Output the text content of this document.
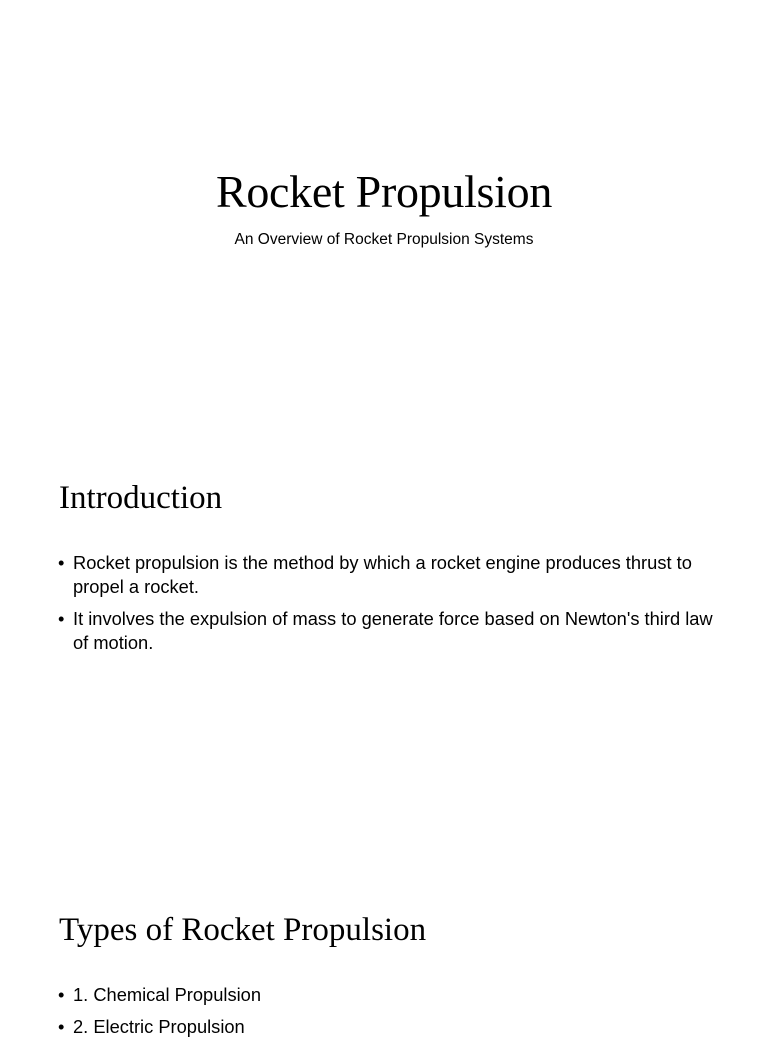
Rocket Propulsion
An Overview of Rocket Propulsion Systems
Introduction
• Rocket propulsion is the method by which a rocket engine produces thrust to propel a rocket.
• It involves the expulsion of mass to generate force based on Newton's third law of motion.
Types of Rocket Propulsion
• 1. Chemical Propulsion
• 2. Electric Propulsion
